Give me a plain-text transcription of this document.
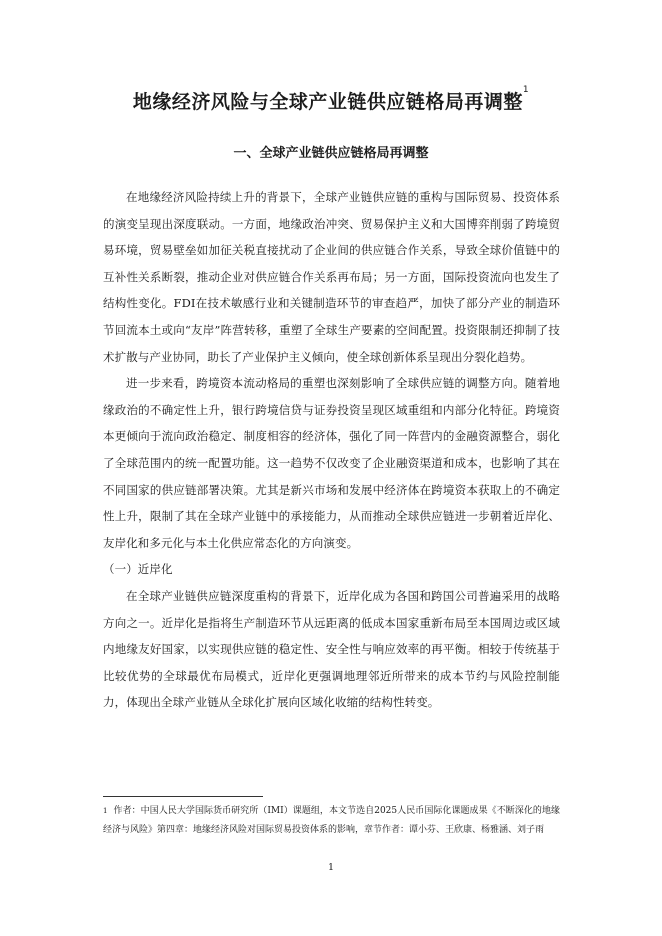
地缘经济风险与全球产业链供应链格局再调整$^1$
一、全球产业链供应链格局再调整

在地缘经济风险持续上升的背景下，全球产业链供应链的重构与国际贸易、投资体系的演变呈现出深度联动。一方面，地缘政治冲突、贸易保护主义和大国博弈削弱了跨境贸易环境，贸易壁垒如加征关税直接扰动了企业间的供应链合作关系，导致全球价值链中的互补性关系断裂，推动企业对供应链合作关系再布局；另一方面，国际投资流向也发生了结构性变化。FDI在技术敏感行业和关键制造环节的审查趋严，加快了部分产业的制造环节回流本土或向“友岸”阵营转移，重塑了全球生产要素的空间配置。投资限制还抑制了技术扩散与产业协同，助长了产业保护主义倾向，使全球创新体系呈现出分裂化趋势。

进一步来看，跨境资本流动格局的重塑也深刻影响了全球供应链的调整方向。随着地缘政治的不确定性上升，银行跨境信贷与证券投资呈现区域重组和内部分化特征。跨境资本更倾向于流向政治稳定、制度相容的经济体，强化了同一阵营内的金融资源整合，弱化了全球范围内的统一配置功能。这一趋势不仅改变了企业融资渠道和成本，也影响了其在不同国家的供应链部署决策。尤其是新兴市场和发展中经济体在跨境资本获取上的不确定性上升，限制了其在全球产业链中的承接能力，从而推动全球供应链进一步朝着近岸化、友岸化和多元化与本土化供应常态化的方向演变。

（一）近岸化

在全球产业链供应链深度重构的背景下，近岸化成为各国和跨国公司普遍采用的战略方向之一。近岸化是指将生产制造环节从远距离的低成本国家重新布局至本国周边或区域内地缘友好国家，以实现供应链的稳定性、安全性与响应效率的再平衡。相较于传统基于比较优势的全球最优布局模式，近岸化更强调地理邻近所带来的成本节约与风险控制能力，体现出全球产业链从全球化扩展向区域化收缩的结构性转变。

$^1$ 作者：中国人民大学国际货币研究所（IMI）课题组，本文节选自2025人民币国际化课题成果《不断深化的地缘经济与风险》第四章：地缘经济风险对国际贸易投资体系的影响，章节作者：谭小芬、王欣康、杨雅涵、刘子雨
1
